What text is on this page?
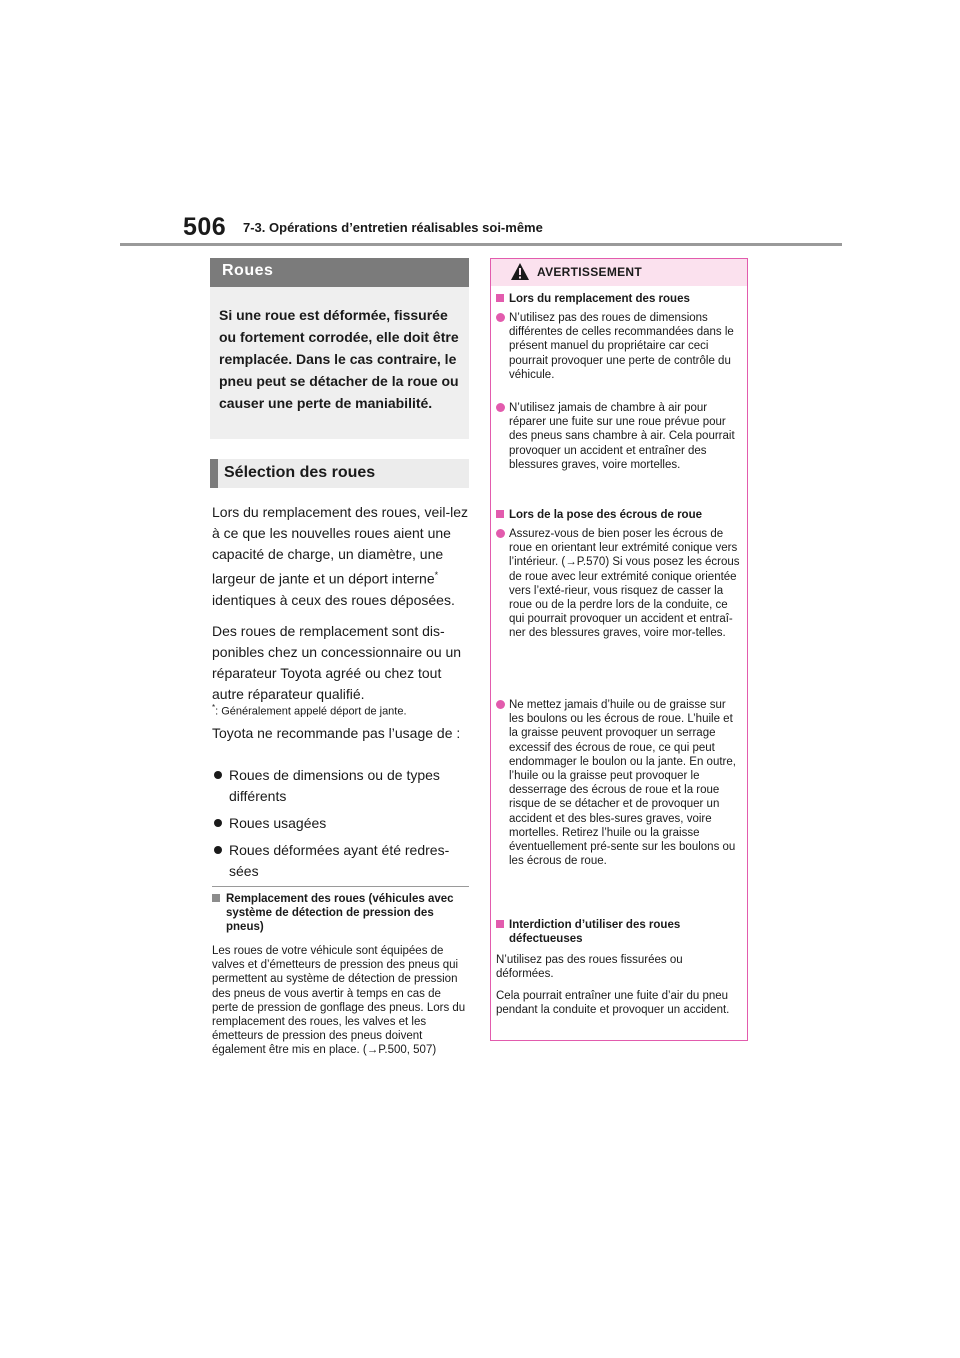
506 7-3. Opérations d’entretien réalisables soi-même
Roues

Si une roue est déformée, fissurée ou fortement corrodée, elle doit être remplacée. Dans le cas contraire, le pneu peut se détacher de la roue ou causer une perte de maniabilité.

Sélection des roues

Lors du remplacement des roues, veil-lez à ce que les nouvelles roues aient une capacité de charge, un diamètre, une largeur de jante et un déport interne* identiques à ceux des roues déposées.

Des roues de remplacement sont dis-ponibles chez un concessionnaire ou un réparateur Toyota agréé ou chez tout autre réparateur qualifié.

*: Généralement appelé déport de jante.

Toyota ne recommande pas l’usage de :

Roues de dimensions ou de types différents
Roues usagées
Roues déformées ayant été redres-sées
Remplacement des roues (véhicules avec système de détection de pression des pneus)

Les roues de votre véhicule sont équipées de valves et d’émetteurs de pression des pneus qui permettent au système de détection de pression des pneus de vous avertir à temps en cas de perte de pression de gonflage des pneus. Lors du remplacement des roues, les valves et les émetteurs de pression des pneus doivent également être mis en place. (→P.500, 507)

AVERTISSEMENT
Lors du remplacement des roues
N’utilisez pas des roues de dimensions différentes de celles recommandées dans le présent manuel du propriétaire car ceci pourrait provoquer une perte de contrôle du véhicule.
N’utilisez jamais de chambre à air pour réparer une fuite sur une roue prévue pour des pneus sans chambre à air. Cela pourrait provoquer un accident et entraîner des blessures graves, voire mortelles.
Lors de la pose des écrous de roue
Assurez-vous de bien poser les écrous de roue en orientant leur extrémité conique vers l’intérieur. (→P.570) Si vous posez les écrous de roue avec leur extrémité conique orientée vers l’exté-rieur, vous risquez de casser la roue ou de la perdre lors de la conduite, ce qui pourrait provoquer un accident et entraî-ner des blessures graves, voire mor-telles.
Ne mettez jamais d’huile ou de graisse sur les boulons ou les écrous de roue. L’huile et la graisse peuvent provoquer un serrage excessif des écrous de roue, ce qui peut endommager le boulon ou la jante. En outre, l’huile ou la graisse peut provoquer le desserrage des écrous de roue et la roue risque de se détacher et de provoquer un accident et des bles-sures graves, voire mortelles. Retirez l’huile ou la graisse éventuellement pré-sente sur les boulons ou les écrous de roue.
Interdiction d’utiliser des roues défectueuses

N’utilisez pas des roues fissurées ou déformées.

Cela pourrait entraîner une fuite d’air du pneu pendant la conduite et provoquer un accident.
